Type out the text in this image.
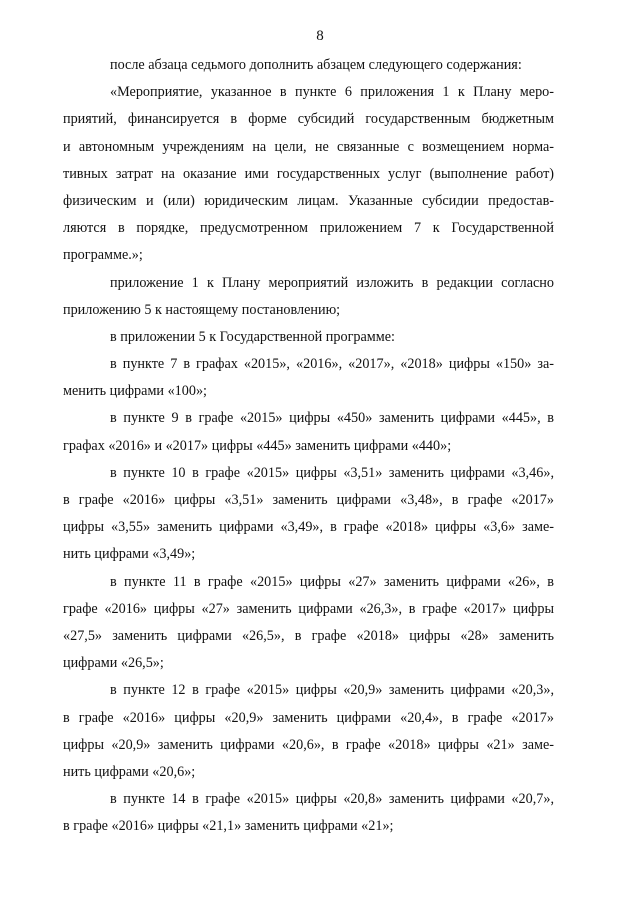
8
после абзаца седьмого дополнить абзацем следующего содержания:
«Мероприятие, указанное в пункте 6 приложения 1 к Плану меро-
приятий, финансируется в форме субсидий государственным бюджетным
и автономным учреждениям на цели, не связанные с возмещением норма-
тивных затрат на оказание ими государственных услуг (выполнение работ)
физическим и (или) юридическим лицам. Указанные субсидии предостав-
ляются в порядке, предусмотренном приложением 7 к Государственной
программе.»;
приложение 1 к Плану мероприятий изложить в редакции согласно
приложению 5 к настоящему постановлению;
в приложении 5 к Государственной программе:
в пункте 7 в графах «2015», «2016», «2017», «2018» цифры «150» за-
менить цифрами «100»;
в пункте 9 в графе «2015» цифры «450» заменить цифрами «445», в
графах «2016» и «2017» цифры «445» заменить цифрами «440»;
в пункте 10 в графе «2015» цифры «3,51» заменить цифрами «3,46»,
в графе «2016» цифры «3,51» заменить цифрами «3,48», в графе «2017»
цифры «3,55» заменить цифрами «3,49», в графе «2018» цифры «3,6» заме-
нить цифрами «3,49»;
в пункте 11 в графе «2015» цифры «27» заменить цифрами «26», в
графе «2016» цифры «27» заменить цифрами «26,3», в графе «2017» цифры
«27,5» заменить цифрами «26,5», в графе «2018» цифры «28» заменить
цифрами «26,5»;
в пункте 12 в графе «2015» цифры «20,9» заменить цифрами «20,3»,
в графе «2016» цифры «20,9» заменить цифрами «20,4», в графе «2017»
цифры «20,9» заменить цифрами «20,6», в графе «2018» цифры «21» заме-
нить цифрами «20,6»;
в пункте 14 в графе «2015» цифры «20,8» заменить цифрами «20,7»,
в графе «2016» цифры «21,1» заменить цифрами «21»;
